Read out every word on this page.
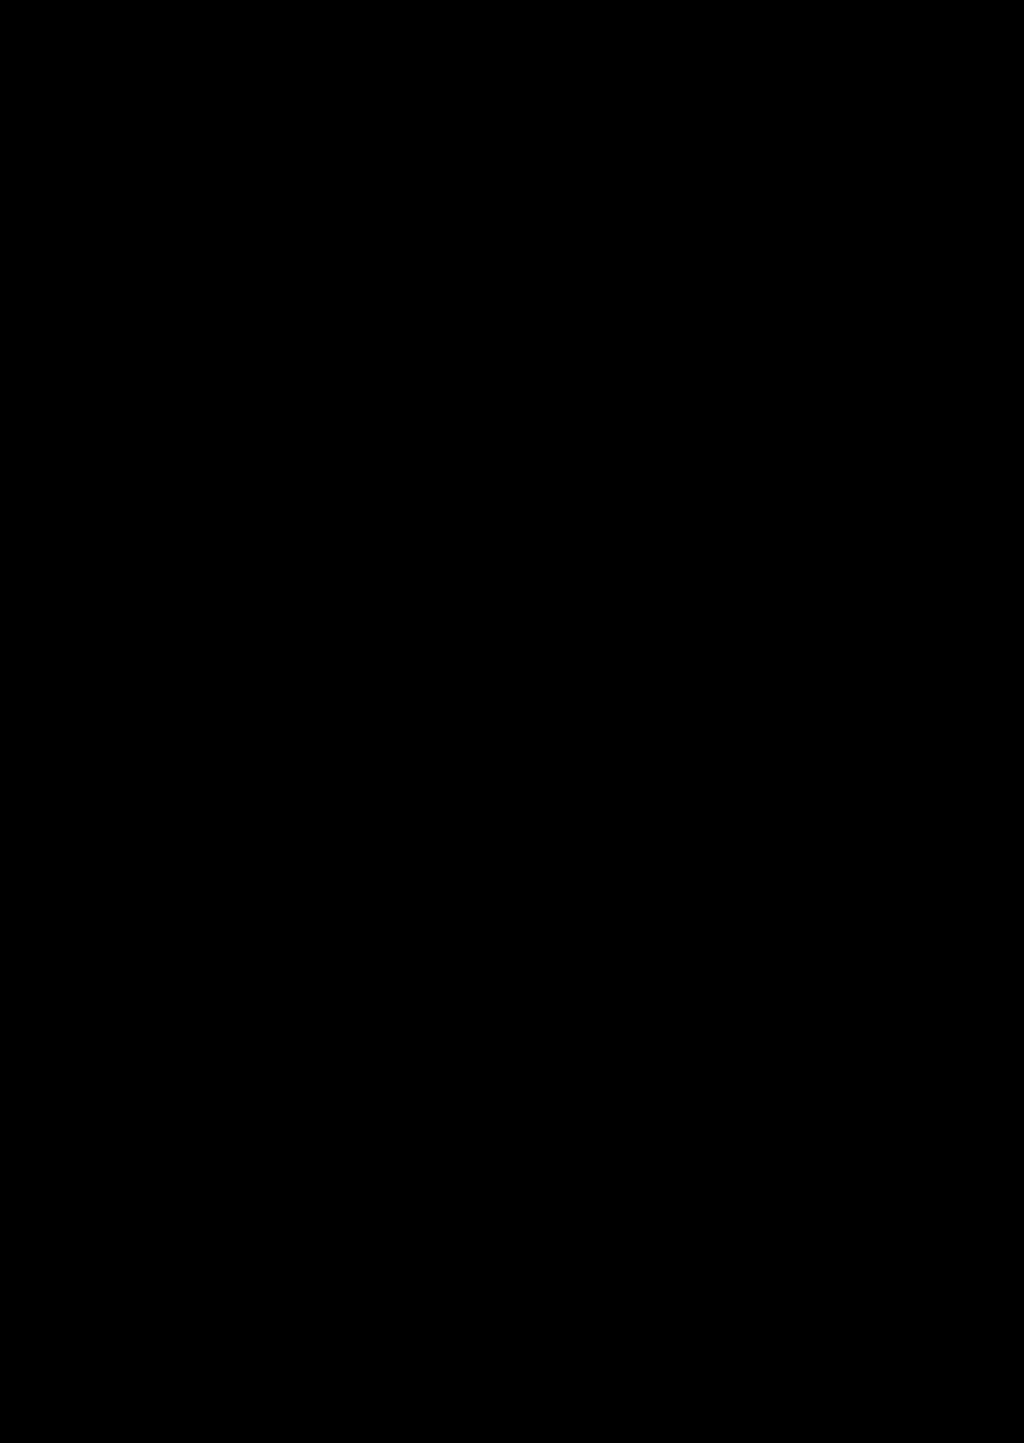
a předpokládejme pro určitost, že 0 < a < b. Jeho obvod je roven číslu o = 2 (a + b). Strany libovolného pravoúhelníka se stejným obvodem můžeme vyjádřit ve tvaru a + x, b − x, kde 0 < a + x, 0 < b − x, neboť

2 (a + x + b − x) = 2 (a + b) = o.

Aby byly splněny podmínky 0 < a + x, 0 < b − x, musí platit −a < x < b, což znamená, že x leží v intervalu (−a, b).

Vezměme nyní x z intervalu (−a, b) a příslušný pravoúhelník o stranách a + x, b − x. Jeho obsah

P (x) = (a + x) (b − x) = ab + x (b − a) − x²

je tedy funkcí proměnné x. Máme dokázat, že funkce P (x) nabývá v intervalu (−a, b) maxima tehdy, je-li příslušný pravoúhelník čtverec. Potom je a + x₀ = b − x₀, čili

x₀ = (b − a) / 2 .

Protože P (x₀) = ab + (b − a)²/2 − (b − a)²/4, máme dokázat, že pro všechna x z intervalu (−a, b) platí nerovnost P (x) ≤ P (x₀) čili nerovnost

ab + x (b − a) − x² ≤ ab + (b − a)²/2 − (b − a)²/4 , (1)

Jednoduchými úpravami dostaneme postupně ekvivalentní nerovnosti

x (b − a) − x² ≤ ((b − a)/2)² ,
0 ≤ ((b − a)/2)² − x (b − a) + x² ,
0 ≤ (x − (b − a)/2)² .

Tato nerovnost je správná, neboť druhá mocnina reálného čísla je vždy nezáporná. Rovnost zřejmě nastane pouze pro

47
